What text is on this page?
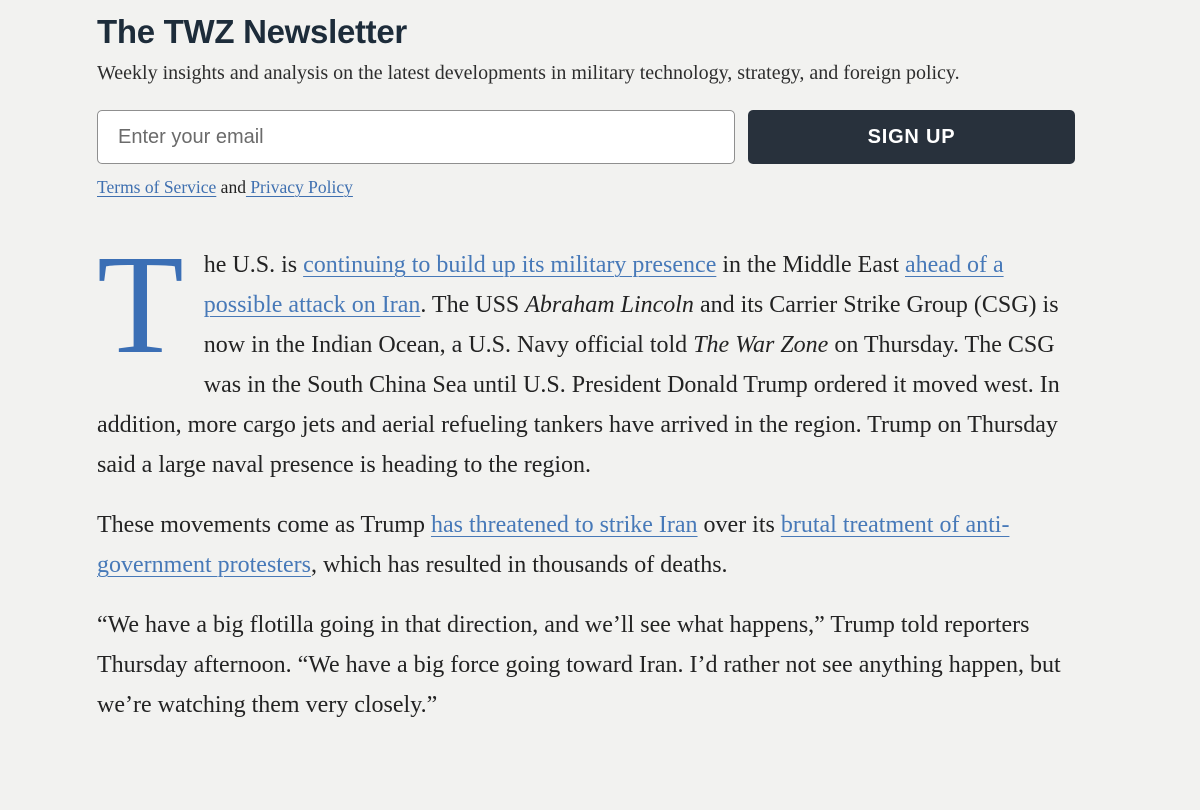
The TWZ Newsletter

Weekly insights and analysis on the latest developments in military technology, strategy, and foreign policy.

Enter your email
SIGN UP

Terms of Service and Privacy Policy

The U.S. is continuing to build up its military presence in the Middle East ahead of a possible attack on Iran. The USS Abraham Lincoln and its Carrier Strike Group (CSG) is now in the Indian Ocean, a U.S. Navy official told The War Zone on Thursday. The CSG was in the South China Sea until U.S. President Donald Trump ordered it moved west. In addition, more cargo jets and aerial refueling tankers have arrived in the region. Trump on Thursday said a large naval presence is heading to the region.

These movements come as Trump has threatened to strike Iran over its brutal treatment of anti-government protesters, which has resulted in thousands of deaths.

“We have a big flotilla going in that direction, and we’ll see what happens,” Trump told reporters Thursday afternoon. “We have a big force going toward Iran. I’d rather not see anything happen, but we’re watching them very closely.”
